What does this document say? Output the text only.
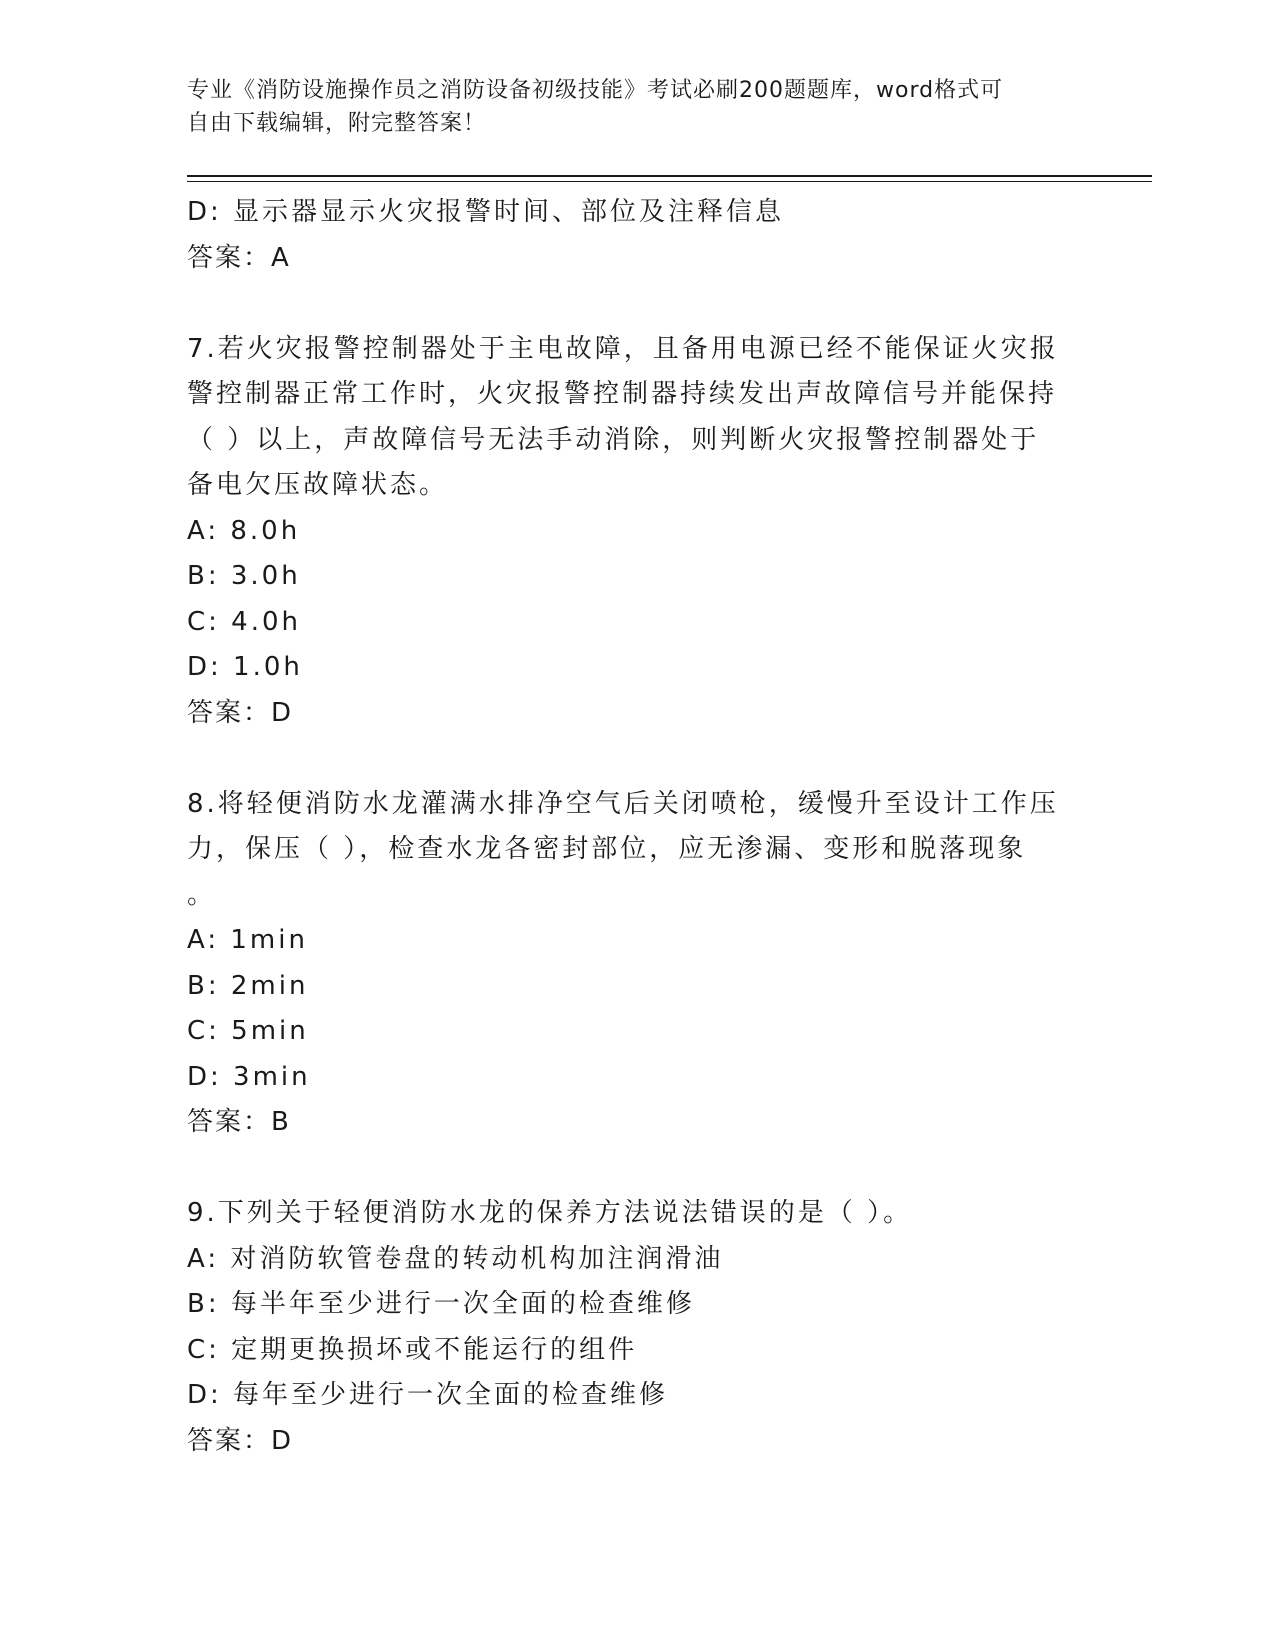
专业《消防设施操作员之消防设备初级技能》考试必刷200题题库，word格式可
自由下载编辑，附完整答案！
D: 显示器显示火灾报警时间、部位及注释信息
答案：A
7.若火灾报警控制器处于主电故障，且备用电源已经不能保证火灾报
警控制器正常工作时，火灾报警控制器持续发出声故障信号并能保持
（ ）以上，声故障信号无法手动消除，则判断火灾报警控制器处于
备电欠压故障状态。
A: 8.0h
B: 3.0h
C: 4.0h
D: 1.0h
答案：D
8.将轻便消防水龙灌满水排净空气后关闭喷枪，缓慢升至设计工作压
力，保压（ ），检查水龙各密封部位，应无渗漏、变形和脱落现象
。
A: 1min
B: 2min
C: 5min
D: 3min
答案：B
9.下列关于轻便消防水龙的保养方法说法错误的是（ ）。
A: 对消防软管卷盘的转动机构加注润滑油
B: 每半年至少进行一次全面的检查维修
C: 定期更换损坏或不能运行的组件
D: 每年至少进行一次全面的检查维修
答案：D
